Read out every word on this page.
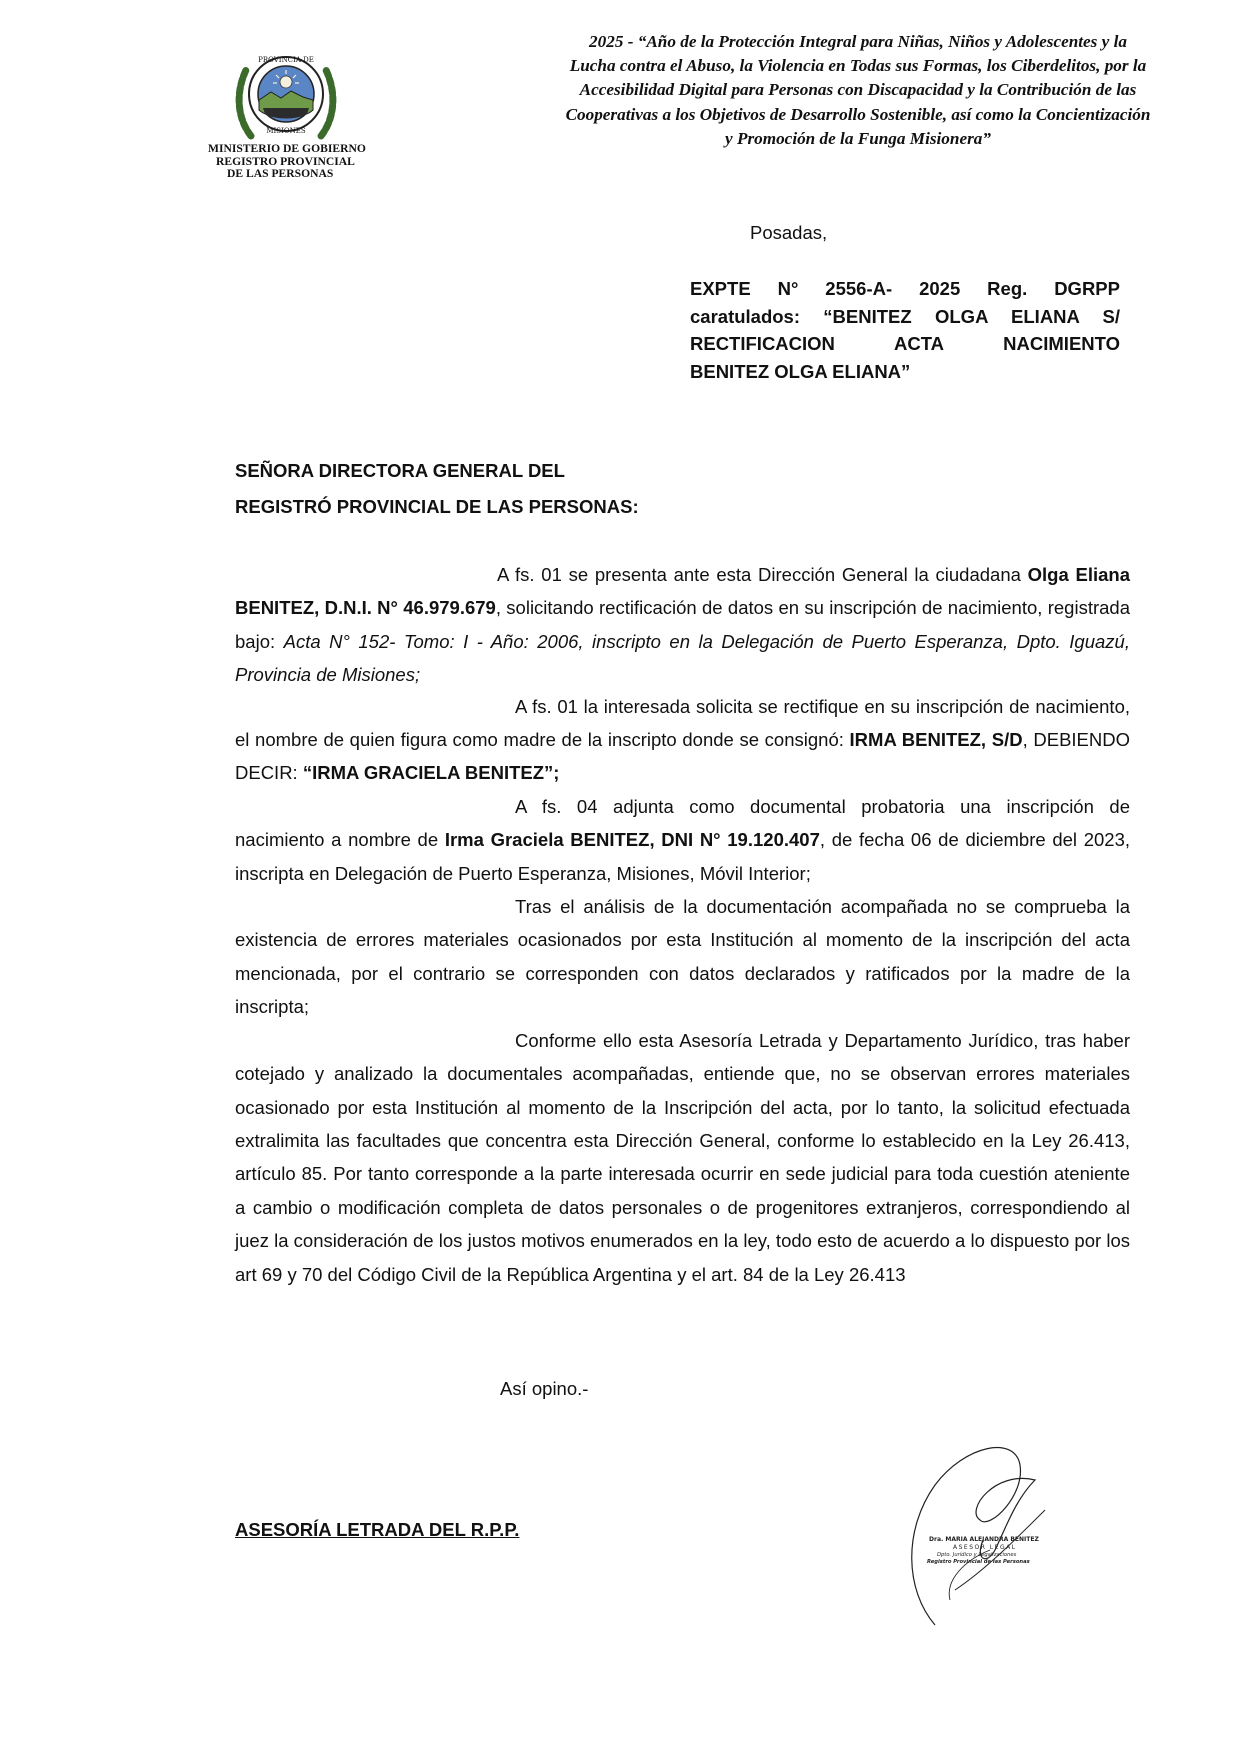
PROVINCIA DE
MISIONES
MINISTERIO DE GOBIERNO
REGISTRO PROVINCIAL
DE LAS PERSONAS
2025 - “Año de la Protección Integral para Niñas, Niños y Adolescentes y la
Lucha contra el Abuso, la Violencia en Todas sus Formas, los Ciberdelitos, por la
Accesibilidad Digital para Personas con Discapacidad y la Contribución de las
Cooperativas a los Objetivos de Desarrollo Sostenible, así como la Concientización
y Promoción de la Funga Misionera”
Posadas,
EXPTE N° 2556-A- 2025 Reg. DGRPP
caratulados: “BENITEZ OLGA ELIANA S/
RECTIFICACION ACTA NACIMIENTO
BENITEZ OLGA ELIANA”
SEÑORA DIRECTORA GENERAL DEL
REGISTRÓ PROVINCIAL DE LAS PERSONAS:

A fs. 01 se presenta ante esta Dirección General la ciudadana Olga Eliana BENITEZ, D.N.I. N° 46.979.679, solicitando rectificación de datos en su inscripción de nacimiento, registrada bajo: Acta N° 152- Tomo: I - Año: 2006, inscripto en la Delegación de Puerto Esperanza, Dpto. Iguazú, Provincia de Misiones;

A fs. 01 la interesada solicita se rectifique en su inscripción de nacimiento, el nombre de quien figura como madre de la inscripto donde se consignó: IRMA BENITEZ, S/D, DEBIENDO DECIR: “IRMA GRACIELA BENITEZ”;

A fs. 04 adjunta como documental probatoria una inscripción de nacimiento a nombre de Irma Graciela BENITEZ, DNI N° 19.120.407, de fecha 06 de diciembre del 2023, inscripta en Delegación de Puerto Esperanza, Misiones, Móvil Interior;

Tras el análisis de la documentación acompañada no se comprueba la existencia de errores materiales ocasionados por esta Institución al momento de la inscripción del acta mencionada, por el contrario se corresponden con datos declarados y ratificados por la madre de la inscripta;

Conforme ello esta Asesoría Letrada y Departamento Jurídico, tras haber cotejado y analizado la documentales acompañadas, entiende que, no se observan errores materiales ocasionado por esta Institución al momento de la Inscripción del acta, por lo tanto, la solicitud efectuada extralimita las facultades que concentra esta Dirección General, conforme lo establecido en la Ley 26.413, artículo 85. Por tanto corresponde a la parte interesada ocurrir en sede judicial para toda cuestión ateniente a cambio o modificación completa de datos personales o de progenitores extranjeros, correspondiendo al juez la consideración de los justos motivos enumerados en la ley, todo esto de acuerdo a lo dispuesto por los art 69 y 70 del Código Civil de la República Argentina y el art. 84 de la Ley 26.413

Así opino.-
ASESORÍA LETRADA DEL R.P.P.	Dra. MARIA ALEJANDRA BENITEZ
ASESOR LEGAL
Dpto. Jurídico y Legalizaciones
Registro Provincial de las Personas
